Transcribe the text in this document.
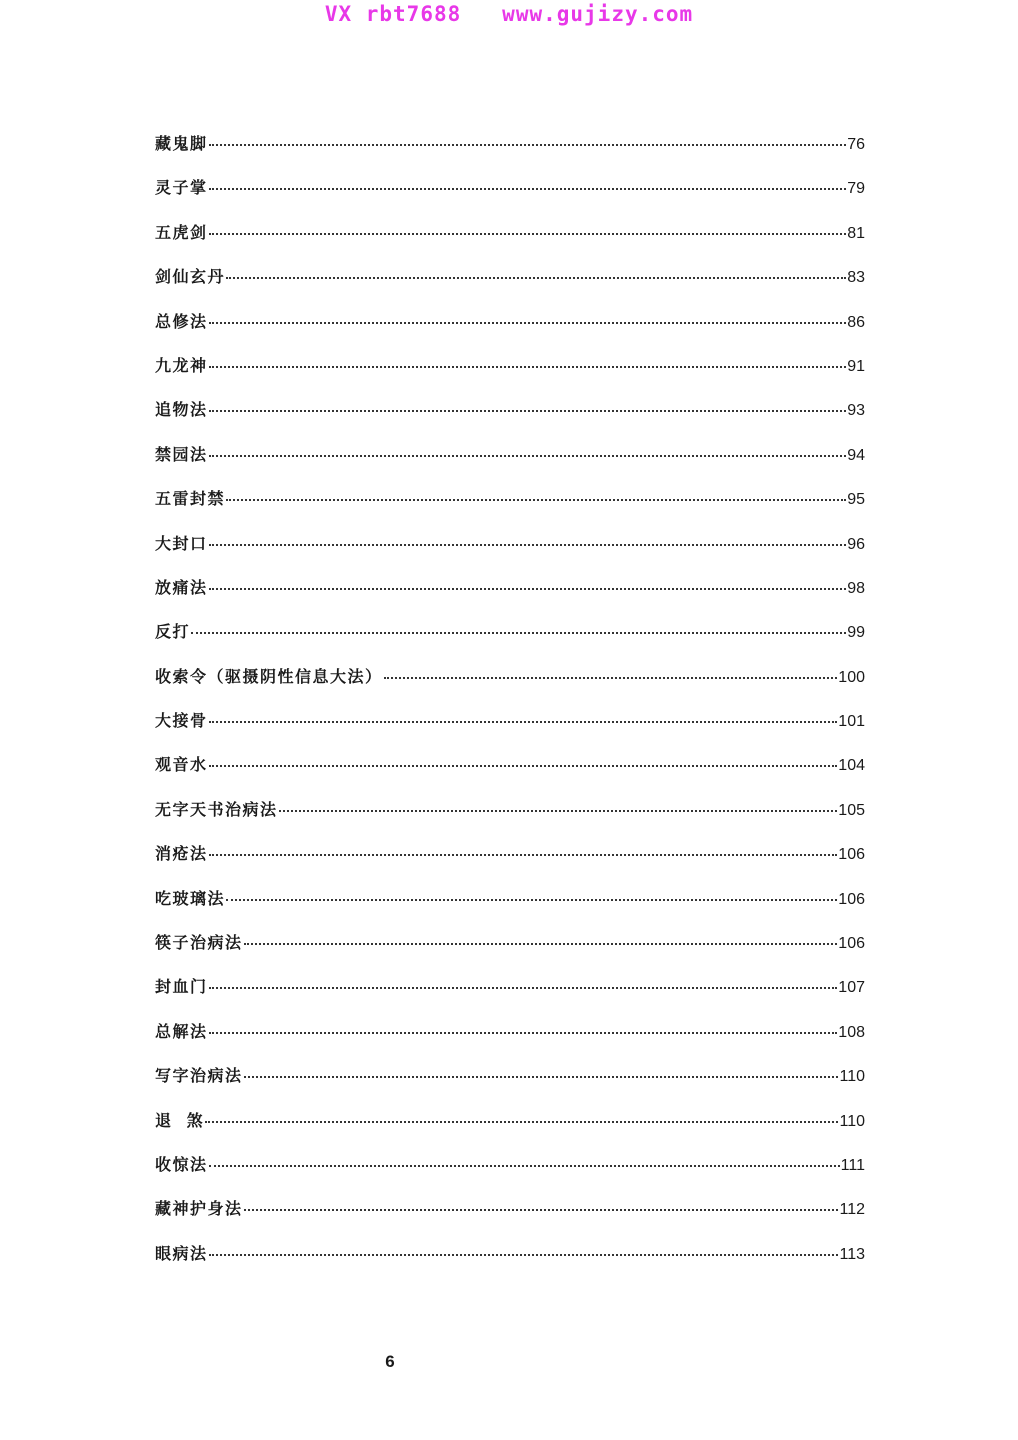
VX rbt7688   www.gujizy.com
藏鬼脚	76
灵子掌	79
五虎剑	81
剑仙玄丹	83
总修法	86
九龙神	91
追物法	93
禁园法	94
五雷封禁	95
大封口	96
放痛法	98
反打	99
收索令（驱摄阴性信息大法）	100
大接骨	101
观音水	104
无字天书治病法	105
消疮法	106
吃玻璃法	106
筷子治病法	106
封血门	107
总解法	108
写字治病法	110
退  煞	110
收惊法	111
藏神护身法	112
眼病法	113
6
